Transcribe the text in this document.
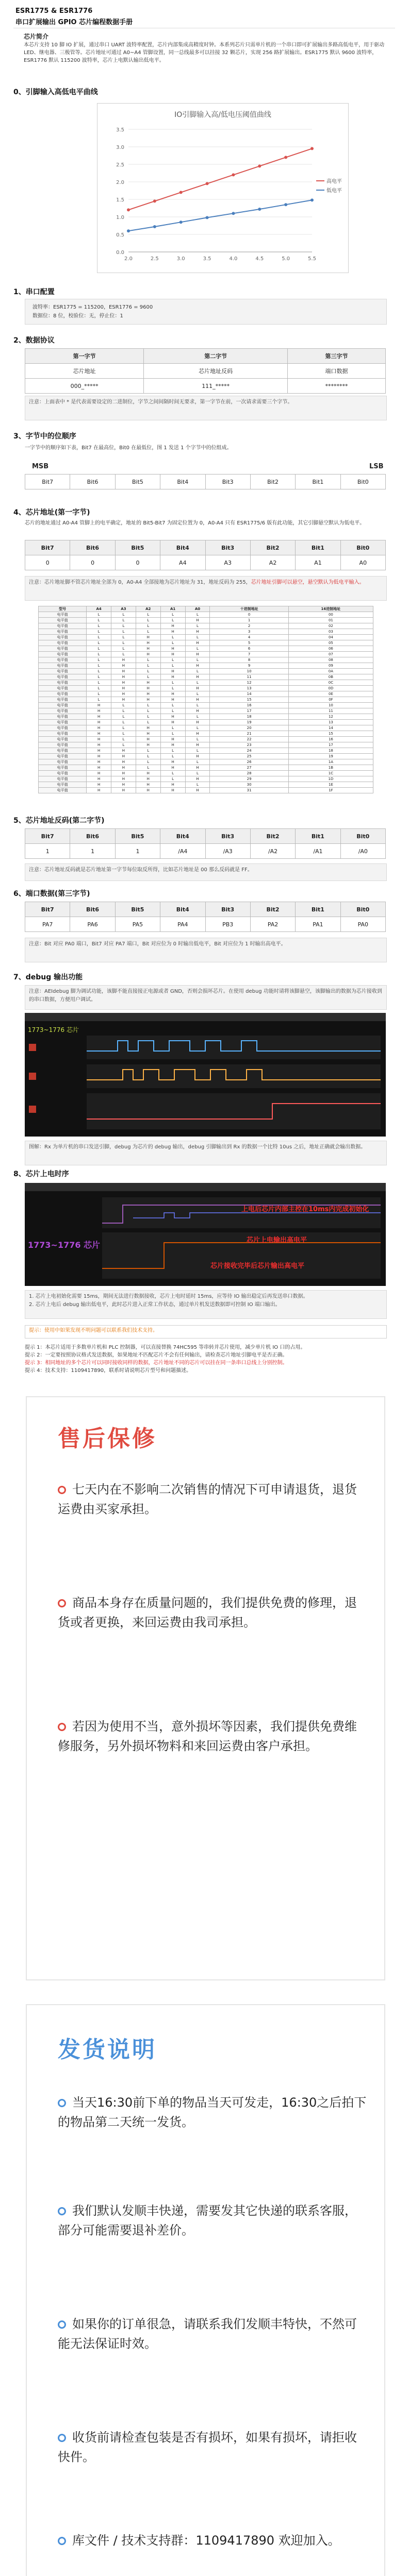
ESR1775 & ESR1776
串口扩展输出 GPIO 芯片编程数据手册
芯片简介
本芯片支持 10 脚 IO 扩展，通过串口 UART 波特率配置，芯片内部集成高精度时钟。本系列芯片只需单片机的一个串口即可扩展输出多路高低电平，用于驱动 LED、继电器、三极管等。芯片地址可通过 A0~A4 管脚设置，同一总线最多可以挂接 32 颗芯片，实现 256 路扩展输出。ESR1775 默认 9600 波特率，ESR1776 默认 115200 波特率，芯片上电默认输出低电平。
0、引脚输入高低电平曲线
IO引脚输入高/低电压阈值曲线
0.0
0.5
1.0
1.5
2.0
2.5
3.0
3.5
2.0	2.5	3.0	3.5	4.0	4.5	5.0	5.5
高电平
低电平
1、串口配置
波特率：ESR1775 = 115200，ESR1776 = 9600
数据位：8 位，校验位：无，停止位：1
2、数据协议
第一字节	第二字节	第三字节
芯片地址	芯片地址反码	端口数据
000_*****	111_*****	********
注意：上面表中 * 是代表需要设定的二进制位，字节之间间隔时间无要求，第一字节在前，一次请求需要三个字节。
3、字节中的位顺序
一字节中的顺序如下表，Bit7 在最高位，Bit0 在最低位，图 1 发送 1 个字节中的位组成。
MSB	LSB
Bit7	Bit6	Bit5	Bit4	Bit3	Bit2	Bit1	Bit0
4、芯片地址(第一字节)
芯片的地址通过 A0-A4 管脚上的电平确定，地址的 Bit5-Bit7 为固定位置为 0，A0-A4 只有 ESR1775/6 版有此功能，其它引脚悬空默认为低电平。
Bit7	Bit6	Bit5	Bit4	Bit3	Bit2	Bit1	Bit0
0	0	0	A4	A3	A2	A1	A0
注意：芯片地址脚不管芯片地址全部为 0，A0-A4 全部接地为芯片地址为 31，地址反码为 255，芯片地址引脚可以悬空，悬空默认为低电平输入。
型号	A4	A3	A2	A1	A0	十进制地址	16进制地址
电平值	L	L	L	L	L	0	00
电平值	L	L	L	L	H	1	01
电平值	L	L	L	H	L	2	02
电平值	L	L	L	H	H	3	03
电平值	L	L	H	L	L	4	04
电平值	L	L	H	L	H	5	05
电平值	L	L	H	H	L	6	06
电平值	L	L	H	H	H	7	07
电平值	L	H	L	L	L	8	08
电平值	L	H	L	L	H	9	09
电平值	L	H	L	H	L	10	0A
电平值	L	H	L	H	H	11	0B
电平值	L	H	H	L	L	12	0C
电平值	L	H	H	L	H	13	0D
电平值	L	H	H	H	L	14	0E
电平值	L	H	H	H	H	15	0F
电平值	H	L	L	L	L	16	10
电平值	H	L	L	L	H	17	11
电平值	H	L	L	H	L	18	12
电平值	H	L	L	H	H	19	13
电平值	H	L	H	L	L	20	14
电平值	H	L	H	L	H	21	15
电平值	H	L	H	H	L	22	16
电平值	H	L	H	H	H	23	17
电平值	H	H	L	L	L	24	18
电平值	H	H	L	L	H	25	19
电平值	H	H	L	H	L	26	1A
电平值	H	H	L	H	H	27	1B
电平值	H	H	H	L	L	28	1C
电平值	H	H	H	L	H	29	1D
电平值	H	H	H	H	L	30	1E
电平值	H	H	H	H	H	31	1F
5、芯片地址反码(第二字节)
Bit7	Bit6	Bit5	Bit4	Bit3	Bit2	Bit1	Bit0
1	1	1	/A4	/A3	/A2	/A1	/A0
注意：芯片地址反码就是芯片地址第一字节每位取反所得，比如芯片地址是 00 那么反码就是 FF。
6、端口数据(第三字节)
Bit7	Bit6	Bit5	Bit4	Bit3	Bit2	Bit1	Bit0
PA7	PA6	PA5	PA4	PB3	PA2	PA1	PA0
注意：Bit 对应 PA0 端口，Bit7 对应 PA7 端口，Bit 对应位为 0 时输出低电平，Bit 对应位为 1 时输出高电平。
7、debug 输出功能
注意：AEIdebug 脚为调试功能，该脚不能直接接正电源或者 GND，否则会损坏芯片。在使用 debug 功能时请将该脚悬空，该脚输出的数据为芯片接收到的串口数据，方便用户调试。
1773~1776 芯片
图解：Rx 为单片机的串口发送引脚，debug 为芯片的 debug 输出，debug 引脚输出到 Rx 的数据一个比特 10us 之后，地址正确就会输出数据。
8、芯片上电时序
1773~1776 芯片
上电后芯片内部主控在10ms内完成初始化
芯片上电输出高电平
芯片接收完毕后芯片输出高电平
1. 芯片上电初始化需要 15ms，期间无法进行数据接收，芯片上电时延时 15ms，应等待 IO 输出稳定后再发送串口数据。
2. 芯片上电后 debug 输出低电平，此时芯片进入正常工作状态，通过单片机发送数据即可控制 IO 端口输出。
提示：使用中如果发现不明问题可以联系我们技术支持。
提示 1：本芯片适用于多数单片机和 PLC 控制器，可以直接替换 74HC595 等串转并芯片使用，减少单片机 IO 口的占用。
提示 2：一定要按照协议格式发送数据，如果地址不匹配芯片不会有任何输出，请检查芯片地址引脚电平是否正确。
提示 3：相同地址的多个芯片可以同时接收同样的数据，芯片地址不同的芯片可以挂在同一条串口总线上分别控制。
提示 4：技术支持：1109417890，联系时请说明芯片型号和问题描述。
售后保修
七天内在不影响二次销售的情况下可申请退货，退货运费由买家承担。
商品本身存在质量问题的，我们提供免费的修理，退货或者更换，来回运费由我司承担。
若因为使用不当，意外损坏等因素，我们提供免费维修服务，另外损坏物料和来回运费由客户承担。
发货说明
当天16:30前下单的物品当天可发走，16:30之后拍下的物品第二天统一发货。
我们默认发顺丰快递，需要发其它快递的联系客服，部分可能需要退补差价。
如果你的订单很急，请联系我们发顺丰特快，不然可能无法保证时效。
收货前请检查包装是否有损坏，如果有损坏，请拒收快件。
库文件 / 技术支持群：1109417890 欢迎加入。
